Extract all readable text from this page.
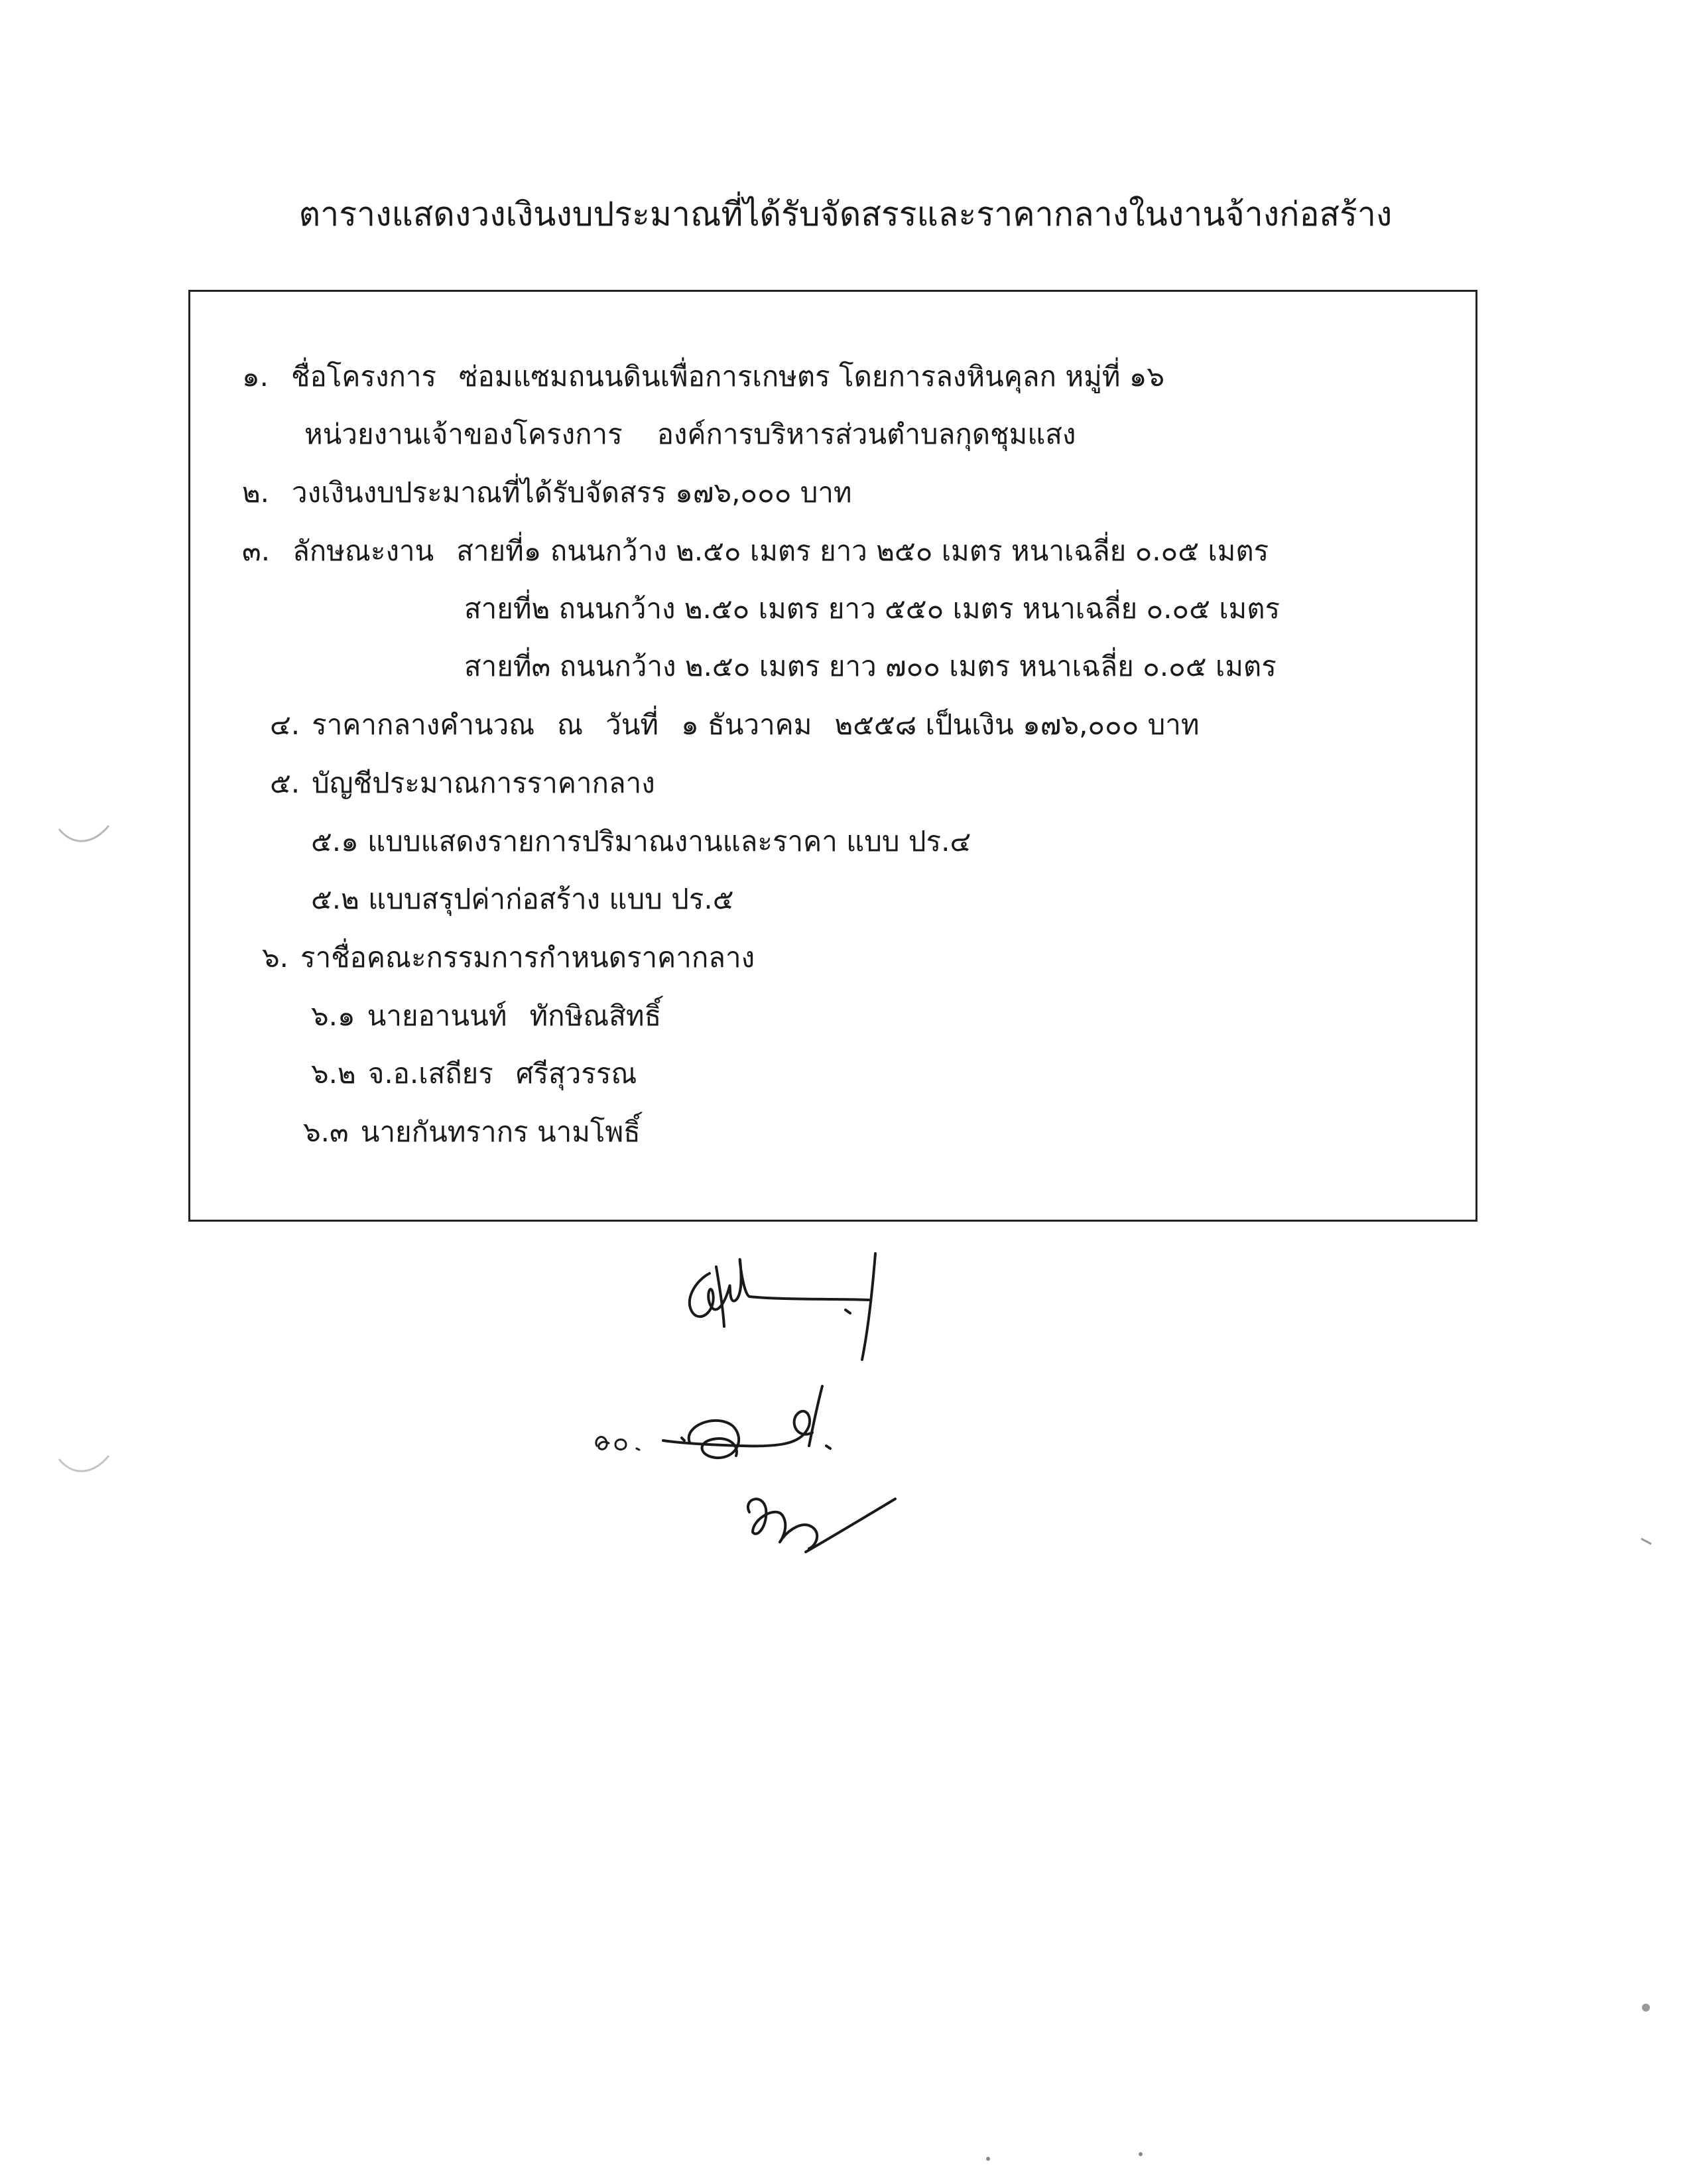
ตารางแสดงวงเงินงบประมาณที่ได้รับจัดสรรและราคากลางในงานจ้างก่อสร้าง
๑. ชื่อโครงการ ซ่อมแซมถนนดินเพื่อการเกษตร โดยการลงหินคุลก หมู่ที่ ๑๖
หน่วยงานเจ้าของโครงการ องค์การบริหารส่วนตำบลกุดชุมแสง
๒. วงเงินงบประมาณที่ได้รับจัดสรร ๑๗๖,๐๐๐ บาท
๓. ลักษณะงาน สายที่๑ ถนนกว้าง ๒.๕๐ เมตร ยาว ๒๕๐ เมตร หนาเฉลี่ย ๐.๐๕ เมตร
สายที่๒ ถนนกว้าง ๒.๕๐ เมตร ยาว ๕๕๐ เมตร หนาเฉลี่ย ๐.๐๕ เมตร
สายที่๓ ถนนกว้าง ๒.๕๐ เมตร ยาว ๗๐๐ เมตร หนาเฉลี่ย ๐.๐๕ เมตร
๔. ราคากลางคำนวณ ณ วันที่ ๑ ธันวาคม ๒๕๕๘ เป็นเงิน ๑๗๖,๐๐๐ บาท
๕. บัญชีประมาณการราคากลาง
๕.๑ แบบแสดงรายการปริมาณงานและราคา แบบ ปร.๔
๕.๒ แบบสรุปค่าก่อสร้าง แบบ ปร.๕
๖. ราชื่อคณะกรรมการกำหนดราคากลาง
๖.๑ นายอานนท์ ทักษิณสิทธิ์
๖.๒ จ.อ.เสถียร ศรีสุวรรณ
๖.๓ นายกันทรากร นามโพธิ์
